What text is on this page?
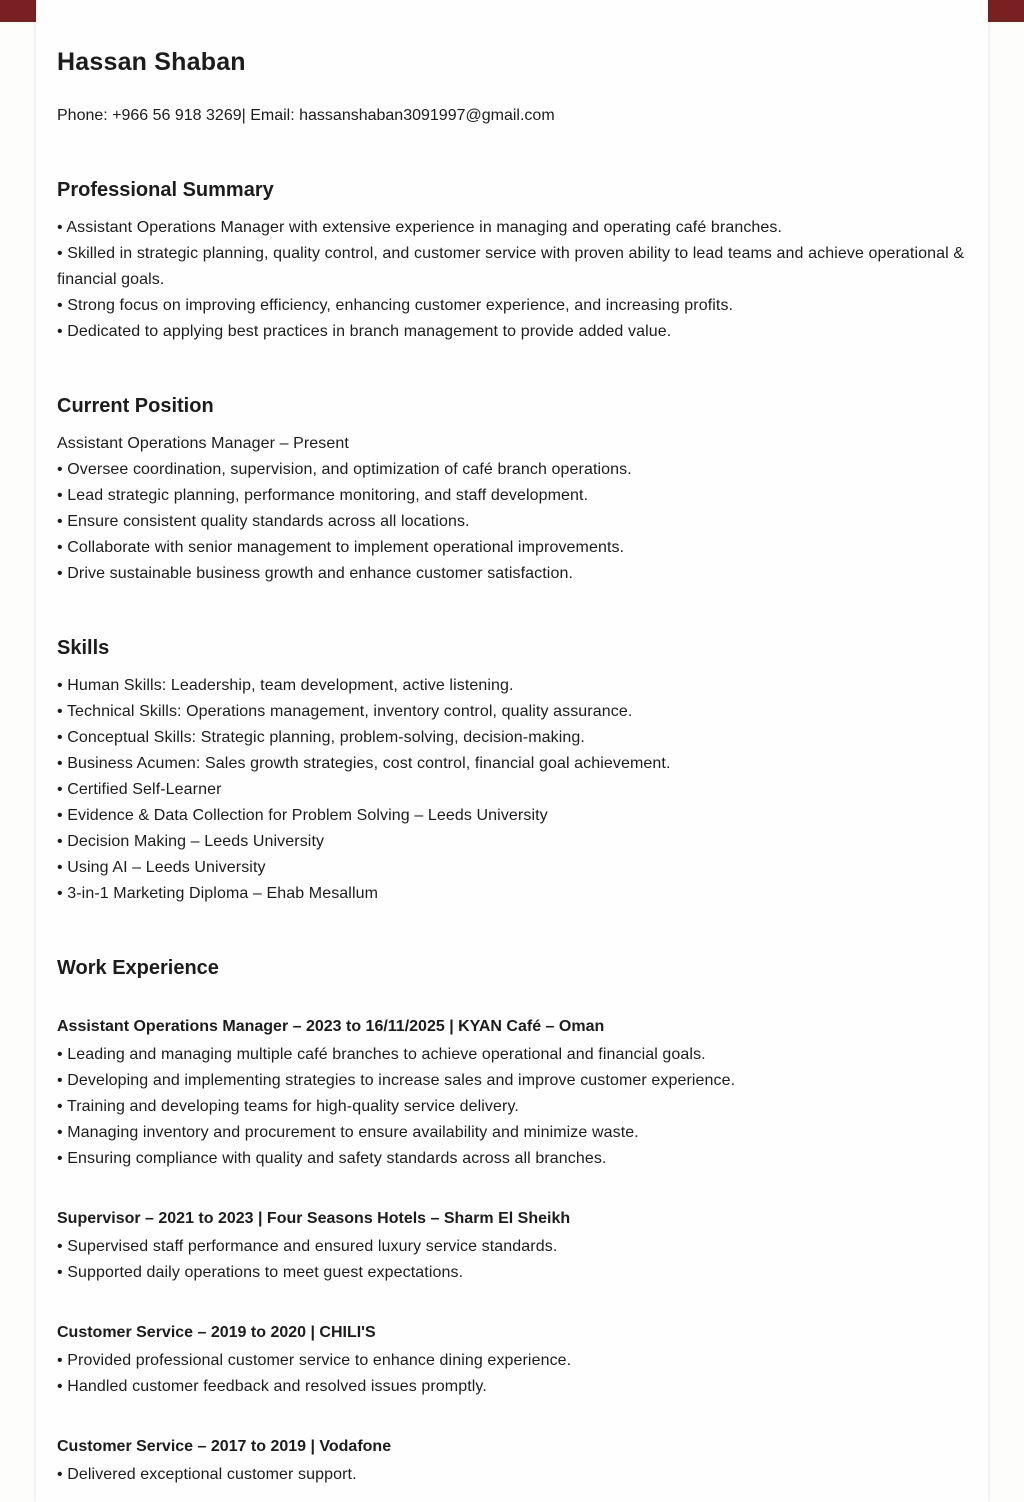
Hassan Shaban
Phone: +966 56 918 3269| Email: hassanshaban3091997@gmail.com
Professional Summary
• Assistant Operations Manager with extensive experience in managing and operating café branches.
• Skilled in strategic planning, quality control, and customer service with proven ability to lead teams and achieve operational & financial goals.
• Strong focus on improving efficiency, enhancing customer experience, and increasing profits.
• Dedicated to applying best practices in branch management to provide added value.
Current Position
Assistant Operations Manager – Present
• Oversee coordination, supervision, and optimization of café branch operations.
• Lead strategic planning, performance monitoring, and staff development.
• Ensure consistent quality standards across all locations.
• Collaborate with senior management to implement operational improvements.
• Drive sustainable business growth and enhance customer satisfaction.
Skills
• Human Skills: Leadership, team development, active listening.
• Technical Skills: Operations management, inventory control, quality assurance.
• Conceptual Skills: Strategic planning, problem-solving, decision-making.
• Business Acumen: Sales growth strategies, cost control, financial goal achievement.
• Certified Self-Learner
• Evidence & Data Collection for Problem Solving – Leeds University
• Decision Making – Leeds University
• Using AI – Leeds University
• 3-in-1 Marketing Diploma – Ehab Mesallum
Work Experience
Assistant Operations Manager – 2023 to 16/11/2025 | KYAN Café – Oman
• Leading and managing multiple café branches to achieve operational and financial goals.
• Developing and implementing strategies to increase sales and improve customer experience.
• Training and developing teams for high-quality service delivery.
• Managing inventory and procurement to ensure availability and minimize waste.
• Ensuring compliance with quality and safety standards across all branches.
Supervisor – 2021 to 2023 | Four Seasons Hotels – Sharm El Sheikh
• Supervised staff performance and ensured luxury service standards.
• Supported daily operations to meet guest expectations.
Customer Service – 2019 to 2020 | CHILI'S
• Provided professional customer service to enhance dining experience.
• Handled customer feedback and resolved issues promptly.
Customer Service – 2017 to 2019 | Vodafone
• Delivered exceptional customer support.
